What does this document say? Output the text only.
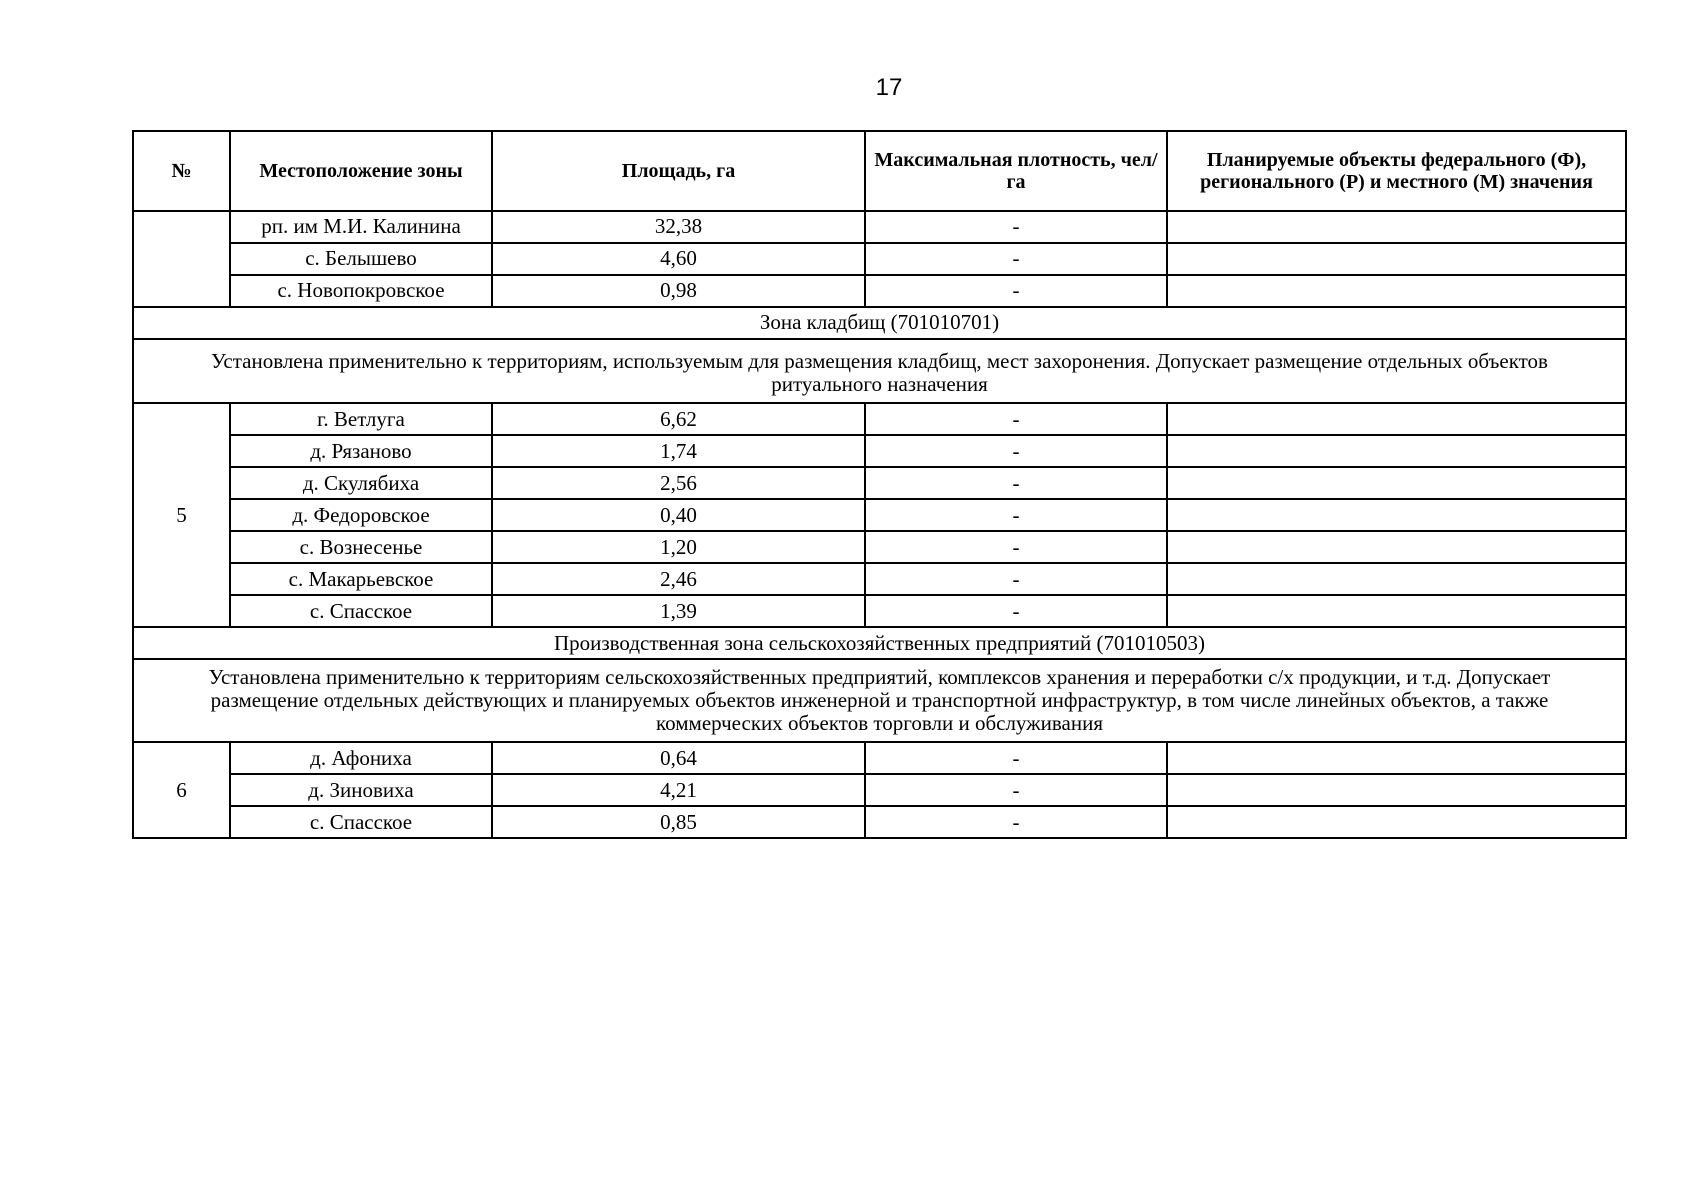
17
№	Местоположение зоны	Площадь, га	Максимальная плотность, чел/га	Планируемые объекты федерального (Ф), регионального (Р) и местного (М) значения
	рп. им М.И. Калинина	32,38	-	
	с. Белышево	4,60	-	
	с. Новопокровское	0,98	-	
Зона кладбищ (701010701)				
Установлена применительно к территориям, используемым для размещения кладбищ, мест захоронения. Допускает размещение отдельных объектов ритуального назначения				
5	г. Ветлуга	6,62	-	
	д. Рязаново	1,74	-	
	д. Скулябиха	2,56	-	
	д. Федоровское	0,40	-	
	с. Вознесенье	1,20	-	
	с. Макарьевское	2,46	-	
	с. Спасское	1,39	-	
Производственная зона сельскохозяйственных предприятий (701010503)				
Установлена применительно к территориям сельскохозяйственных предприятий, комплексов хранения и переработки с/х продукции, и т.д. Допускает размещение отдельных действующих и планируемых объектов инженерной и транспортной инфраструктур, в том числе линейных объектов, а также коммерческих объектов торговли и обслуживания				
6	д. Афониха	0,64	-	
	д. Зиновиха	4,21	-	
	с. Спасское	0,85	-	
